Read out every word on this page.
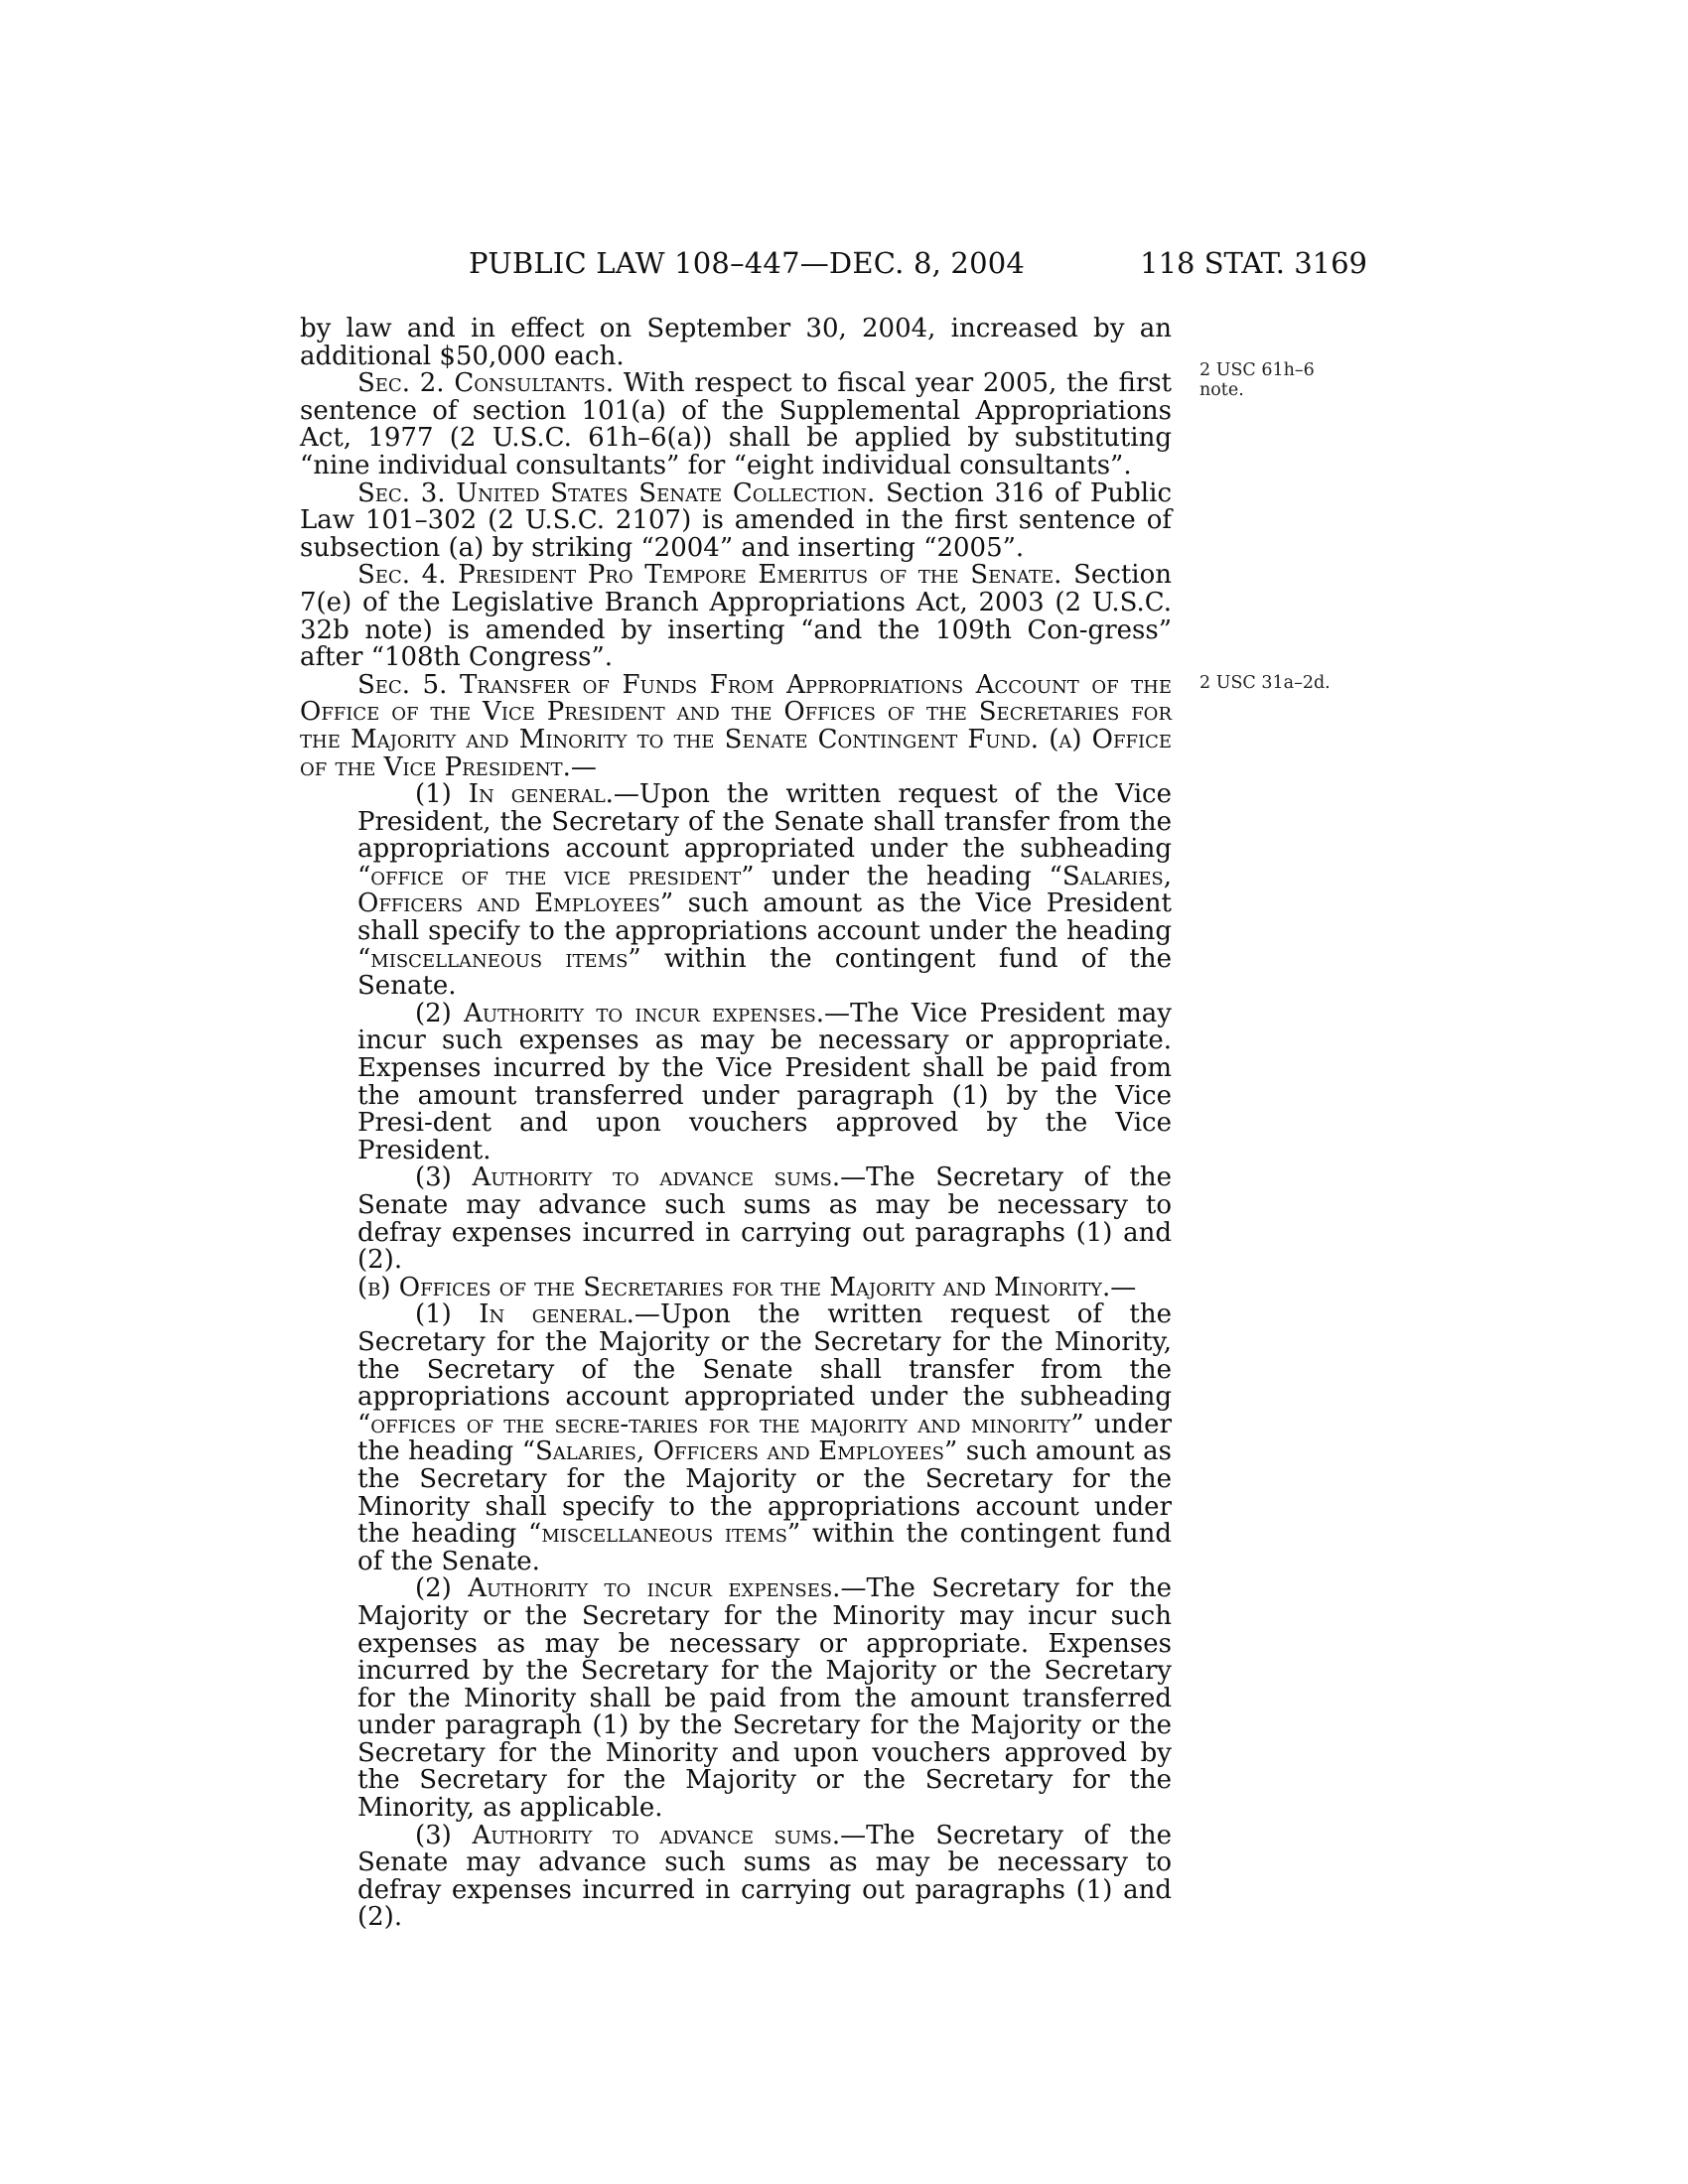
PUBLIC LAW 108–447—DEC. 8, 2004	118 STAT. 3169
2 USC 61h–6
note.
2 USC 31a–2d.

by law and in effect on September 30, 2004, increased by an additional $50,000 each.

Sec. 2. Consultants. With respect to fiscal year 2005, the first sentence of section 101(a) of the Supplemental Appropriations Act, 1977 (2 U.S.C. 61h–6(a)) shall be applied by substituting “nine individual consultants” for “eight individual consultants”.

Sec. 3. United States Senate Collection. Section 316 of Public Law 101–302 (2 U.S.C. 2107) is amended in the first sentence of subsection (a) by striking “2004” and inserting “2005”.

Sec. 4. President Pro Tempore Emeritus of the Senate. Section 7(e) of the Legislative Branch Appropriations Act, 2003 (2 U.S.C. 32b note) is amended by inserting “and the 109th Con-gress” after “108th Congress”.

Sec. 5. Transfer of Funds From Appropriations Account of the Office of the Vice President and the Offices of the Secretaries for the Majority and Minority to the Senate Contingent Fund. (a) Office of the Vice President.—

(1) In general.—Upon the written request of the Vice President, the Secretary of the Senate shall transfer from the appropriations account appropriated under the subheading “office of the vice president” under the heading “Salaries, Officers and Employees” such amount as the Vice President shall specify to the appropriations account under the heading “miscellaneous items” within the contingent fund of the Senate.

(2) Authority to incur expenses.—The Vice President may incur such expenses as may be necessary or appropriate. Expenses incurred by the Vice President shall be paid from the amount transferred under paragraph (1) by the Vice Presi-dent and upon vouchers approved by the Vice President.

(3) Authority to advance sums.—The Secretary of the Senate may advance such sums as may be necessary to defray expenses incurred in carrying out paragraphs (1) and (2).

(b) Offices of the Secretaries for the Majority and Minority.—

(1) In general.—Upon the written request of the Secretary for the Majority or the Secretary for the Minority, the Secretary of the Senate shall transfer from the appropriations account appropriated under the subheading “offices of the secre-taries for the majority and minority” under the heading “Salaries, Officers and Employees” such amount as the Secretary for the Majority or the Secretary for the Minority shall specify to the appropriations account under the heading “miscellaneous items” within the contingent fund of the Senate.

(2) Authority to incur expenses.—The Secretary for the Majority or the Secretary for the Minority may incur such expenses as may be necessary or appropriate. Expenses incurred by the Secretary for the Majority or the Secretary for the Minority shall be paid from the amount transferred under paragraph (1) by the Secretary for the Majority or the Secretary for the Minority and upon vouchers approved by the Secretary for the Majority or the Secretary for the Minority, as applicable.

(3) Authority to advance sums.—The Secretary of the Senate may advance such sums as may be necessary to defray expenses incurred in carrying out paragraphs (1) and (2).
